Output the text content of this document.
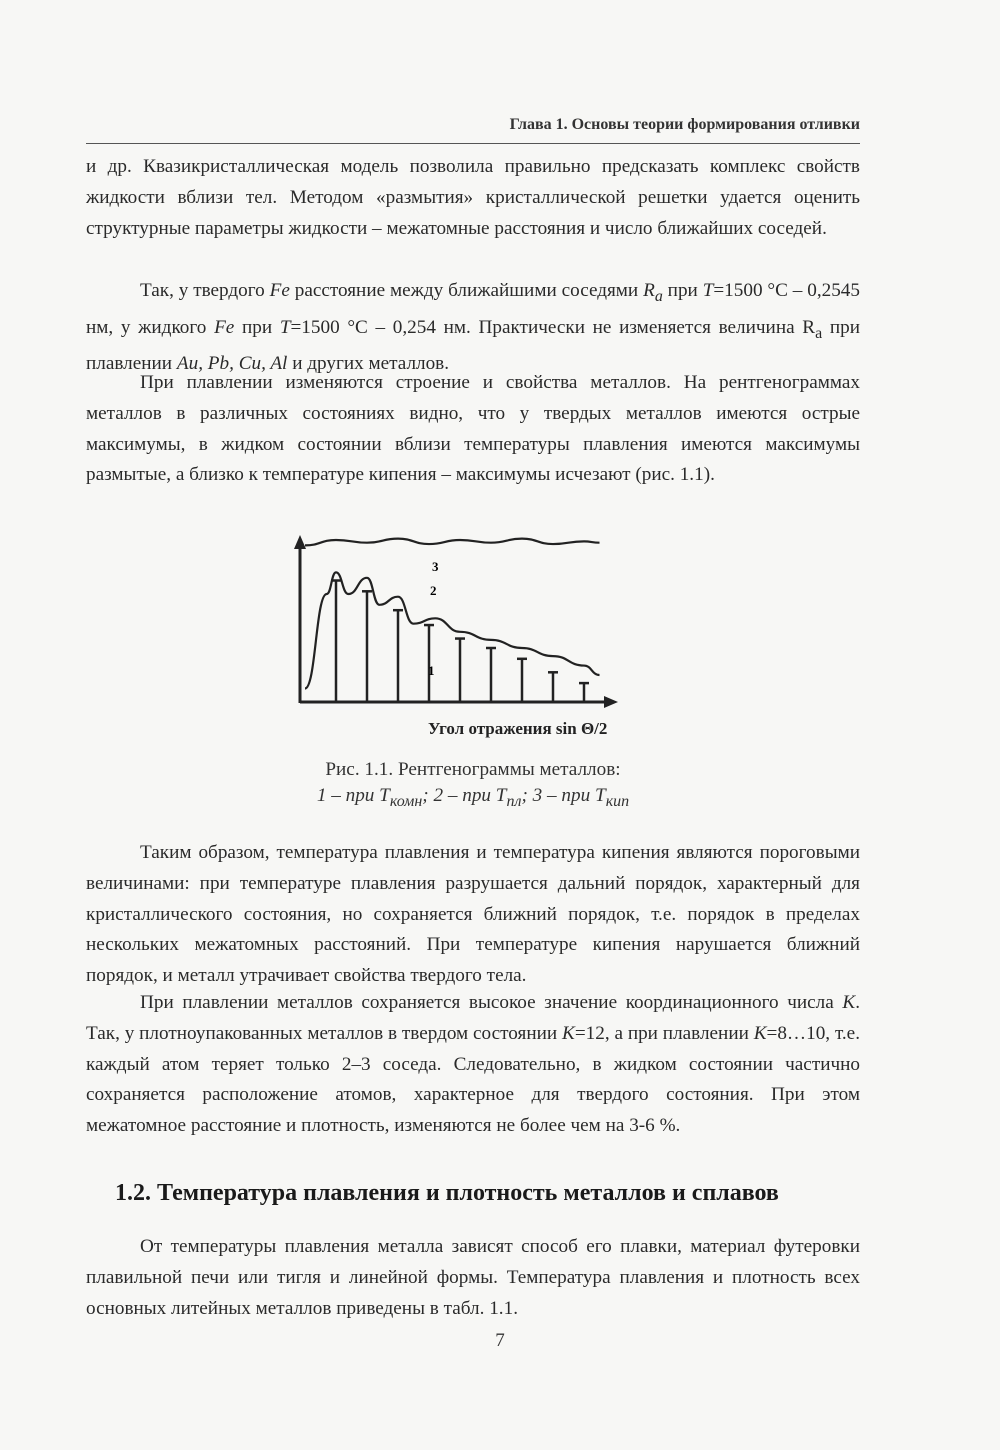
Глава 1. Основы теории формирования отливки

и др. Квазикристаллическая модель позволила правильно предсказать комплекс свойств жидкости вблизи тел. Методом «размытия» кристаллической решетки удается оценить структурные параметры жидкости – межатомные расстояния и число ближайших соседей.

Так, у твердого Fe расстояние между ближайшими соседями $R_a$ при T=1500 °С – 0,2545 нм, у жидкого Fe при T=1500 °С – 0,254 нм. Практически не изменяется величина $R_a$ при плавлении Au, Pb, Cu, Al и других металлов.

При плавлении изменяются строение и свойства металлов. На рентгенограммах металлов в различных состояниях видно, что у твердых металлов имеются острые максимумы, в жидком состоянии вблизи температуры плавления имеются максимумы размытые, а близко к температуре кипения – максимумы исчезают (рис. 1.1).

3
2
1
Угол отражения sin Θ/2
Рис. 1.1. Рентгенограммы металлов:
1 – при $T_{комн}$; 2 – при $T_{пл}$; 3 – при $T_{кип}$

Таким образом, температура плавления и температура кипения являются пороговыми величинами: при температуре плавления разрушается дальний порядок, характерный для кристаллического состояния, но сохраняется ближний порядок, т.е. порядок в пределах нескольких межатомных расстояний. При температуре кипения нарушается ближний порядок, и металл утрачивает свойства твердого тела.

При плавлении металлов сохраняется высокое значение координационного числа K. Так, у плотноупакованных металлов в твердом состоянии K=12, а при плавлении K=8…10, т.е. каждый атом теряет только 2–3 соседа. Следовательно, в жидком состоянии частично сохраняется расположение атомов, характерное для твердого состояния. При этом межатомное расстояние и плотность, изменяются не более чем на 3-6 %.

1.2. Температура плавления и плотность металлов и сплавов

От температуры плавления металла зависят способ его плавки, материал футеровки плавильной печи или тигля и линейной формы. Температура плавления и плотность всех основных литейных металлов приведены в табл. 1.1.

7
